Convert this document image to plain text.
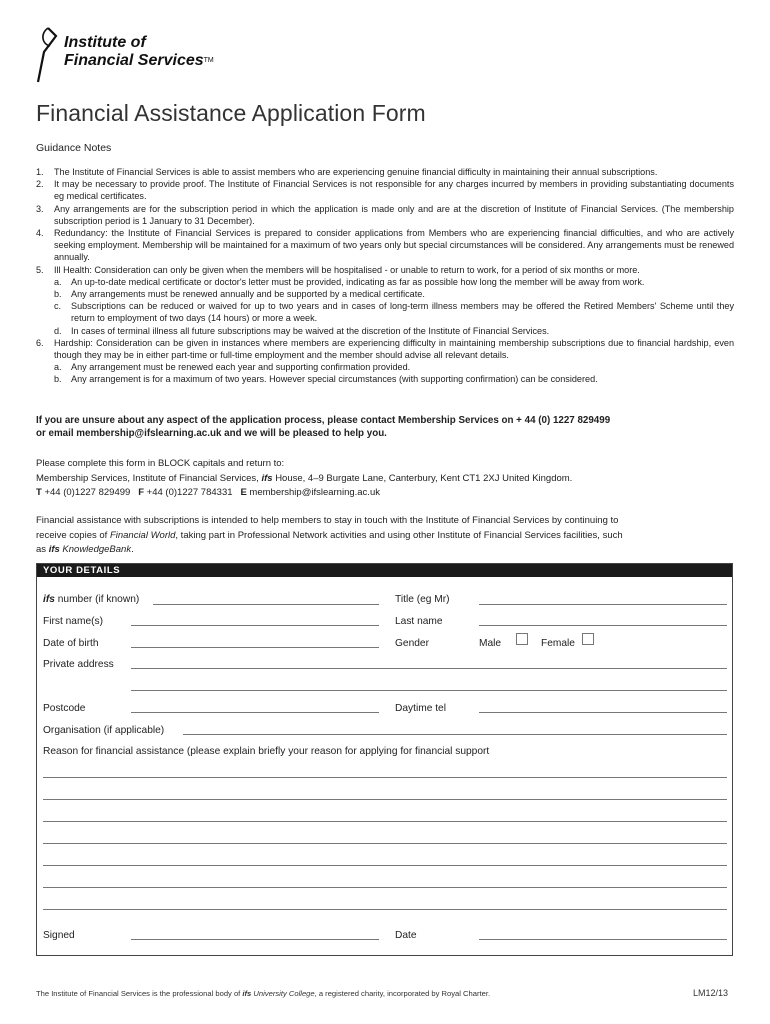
Institute of
Financial Services™
Financial Assistance Application Form
Guidance Notes
1.	The Institute of Financial Services is able to assist members who are experiencing genuine financial difficulty in maintaining their annual subscriptions.
2.	It may be necessary to provide proof. The Institute of Financial Services is not responsible for any charges incurred by members in providing substantiating documents eg medical certificates.
3.	Any arrangements are for the subscription period in which the application is made only and are at the discretion of Institute of Financial Services. (The membership subscription period is 1 January to 31 December).
4.	Redundancy: the Institute of Financial Services is prepared to consider applications from Members who are experiencing financial difficulties, and who are actively seeking employment. Membership will be maintained for a maximum of two years only but special circumstances will be considered. Any arrangements must be renewed annually.
5.	Ill Health: Consideration can only be given when the members will be hospitalised - or unable to return to work, for a period of six months or more.
a.	An up-to-date medical certificate or doctor's letter must be provided, indicating as far as possible how long the member will be away from work.
b.	Any arrangements must be renewed annually and be supported by a medical certificate.
c.	Subscriptions can be reduced or waived for up to two years and in cases of long-term illness members may be offered the Retired Members' Scheme until they return to employment of two days (14 hours) or more a week.
d.	In cases of terminal illness all future subscriptions may be waived at the discretion of the Institute of Financial Services.
6.	Hardship: Consideration can be given in instances where members are experiencing difficulty in maintaining membership subscriptions due to financial hardship, even though they may be in either part-time or full-time employment and the member should advise all relevant details.
a.	Any arrangement must be renewed each year and supporting confirmation provided.
b.	Any arrangement is for a maximum of two years. However special circumstances (with supporting confirmation) can be considered.
If you are unsure about any aspect of the application process, please contact Membership Services on + 44 (0) 1227 829499
or email membership@ifslearning.ac.uk and we will be pleased to help you.
Please complete this form in BLOCK capitals and return to:
Membership Services, Institute of Financial Services, ifs House, 4–9 Burgate Lane, Canterbury, Kent CT1 2XJ United Kingdom.
T +44 (0)1227 829499 F +44 (0)1227 784331 E membership@ifslearning.ac.uk
Financial assistance with subscriptions is intended to help members to stay in touch with the Institute of Financial Services by continuing to
receive copies of Financial World, taking part in Professional Network activities and using other Institute of Financial Services facilities, such
as ifs KnowledgeBank.
YOUR DETAILS
ifs number (if known)	Title (eg Mr)
First name(s)	Last name
Date of birth	Gender	Male	Female
Private address
Postcode	Daytime tel
Organisation (if applicable)
Reason for financial assistance (please explain briefly your reason for applying for financial support
Signed	Date
The Institute of Financial Services is the professional body of ifs University College, a registered charity, incorporated by Royal Charter.	LM12/13
